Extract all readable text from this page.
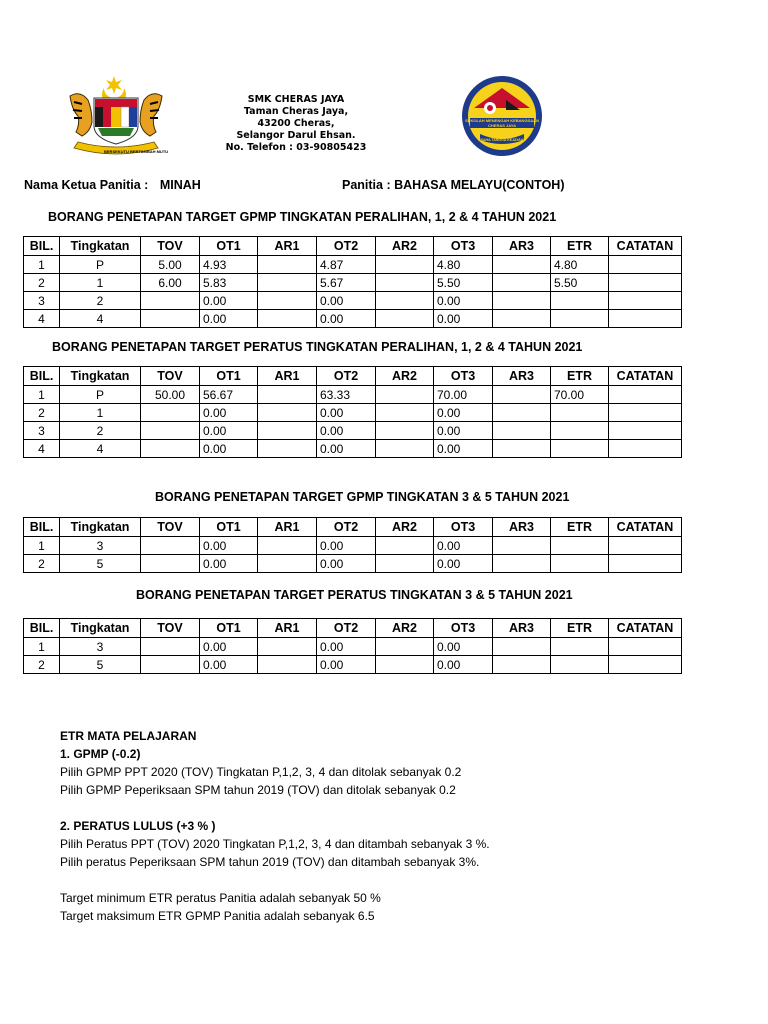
BERSEKUTU BERTAMBAH MUTU
SMK CHERAS JAYA
Taman Cheras Jaya,
43200 Cheras,
Selangor Darul Ehsan.
No. Telefon : 03-90805423
SEKOLAH MENENGAH KEBANGSAAN
CHERAS JAYA
USAHA TANGGA KEJAYAAN
Nama Ketua Panitia : MINAH	Panitia : BAHASA MELAYU(CONTOH)
BORANG PENETAPAN TARGET GPMP TINGKATAN PERALIHAN, 1, 2 & 4 TAHUN 2021
BORANG PENETAPAN TARGET PERATUS TINGKATAN PERALIHAN, 1, 2 & 4 TAHUN 2021
BORANG PENETAPAN TARGET GPMP TINGKATAN 3 & 5 TAHUN 2021
BORANG PENETAPAN TARGET PERATUS TINGKATAN 3 & 5 TAHUN 2021
BIL.	Tingkatan	TOV	OT1	AR1	OT2	AR2	OT3	AR3	ETR	CATATAN
1	P	5.00	4.93		4.87		4.80		4.80	
2	1	6.00	5.83		5.67		5.50		5.50	
3	2		0.00		0.00		0.00			
4	4		0.00		0.00		0.00			
BIL.	Tingkatan	TOV	OT1	AR1	OT2	AR2	OT3	AR3	ETR	CATATAN
1	P	50.00	56.67		63.33		70.00		70.00	
2	1		0.00		0.00		0.00			
3	2		0.00		0.00		0.00			
4	4		0.00		0.00		0.00			
BIL.	Tingkatan	TOV	OT1	AR1	OT2	AR2	OT3	AR3	ETR	CATATAN
1	3		0.00		0.00		0.00			
2	5		0.00		0.00		0.00			
BIL.	Tingkatan	TOV	OT1	AR1	OT2	AR2	OT3	AR3	ETR	CATATAN
1	3		0.00		0.00		0.00			
2	5		0.00		0.00		0.00			
ETR MATA PELAJARAN
1. GPMP (-0.2)
Pilih GPMP PPT 2020 (TOV) Tingkatan P,1,2, 3, 4 dan ditolak sebanyak 0.2
Pilih GPMP Peperiksaan SPM tahun 2019 (TOV) dan ditolak sebanyak 0.2
2. PERATUS LULUS (+3 % )
Pilih Peratus PPT (TOV) 2020 Tingkatan P,1,2, 3, 4 dan ditambah sebanyak 3 %.
Pilih peratus Peperiksaan SPM tahun 2019 (TOV) dan ditambah sebanyak 3%.
Target minimum ETR peratus Panitia adalah sebanyak 50 %
Target maksimum ETR GPMP Panitia adalah sebanyak 6.5
